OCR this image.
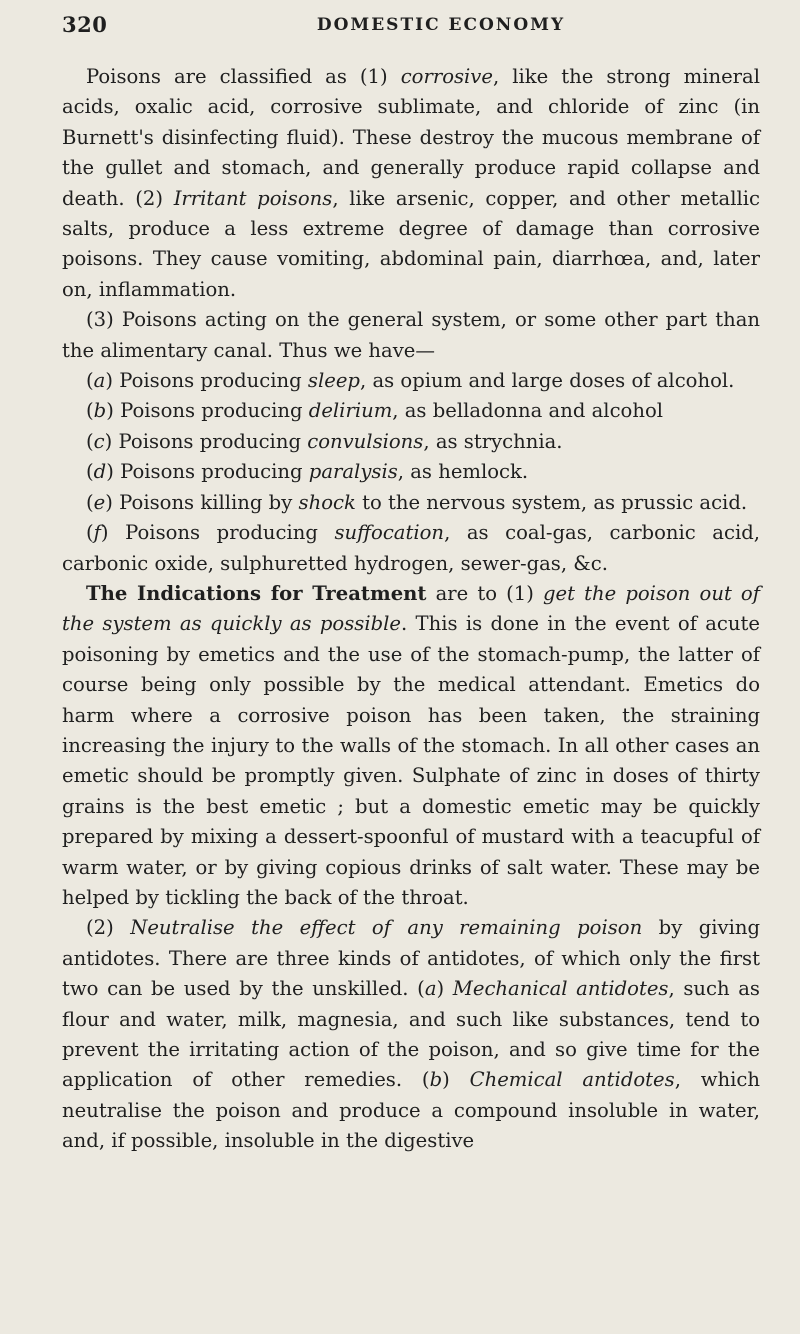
320	DOMESTIC ECONOMY

Poisons are classified as (1) corrosive, like the strong mineral acids, oxalic acid, corrosive sublimate, and chloride of zinc (in Burnett's disinfecting fluid). These destroy the mucous membrane of the gullet and stomach, and generally produce rapid collapse and death. (2) Irritant poisons, like arsenic, copper, and other metallic salts, produce a less extreme degree of damage than corrosive poisons. They cause vomiting, abdominal pain, diarrhœa, and, later on, inflammation.

(3) Poisons acting on the general system, or some other part than the alimentary canal. Thus we have—

(a) Poisons producing sleep, as opium and large doses of alcohol.

(b) Poisons producing delirium, as belladonna and alcohol

(c) Poisons producing convulsions, as strychnia.

(d) Poisons producing paralysis, as hemlock.

(e) Poisons killing by shock to the nervous system, as prussic acid.

(f) Poisons producing suffocation, as coal-gas, carbonic acid, carbonic oxide, sulphuretted hydrogen, sewer-gas, &c.

The Indications for Treatment are to (1) get the poison out of the system as quickly as possible. This is done in the event of acute poisoning by emetics and the use of the stomach-pump, the latter of course being only possible by the medical attendant. Emetics do harm where a corrosive poison has been taken, the straining increasing the injury to the walls of the stomach. In all other cases an emetic should be promptly given. Sulphate of zinc in doses of thirty grains is the best emetic ; but a domestic emetic may be quickly prepared by mixing a dessert-spoonful of mustard with a teacupful of warm water, or by giving copious drinks of salt water. These may be helped by tickling the back of the throat.

(2) Neutralise the effect of any remaining poison by giving antidotes. There are three kinds of antidotes, of which only the first two can be used by the unskilled. (a) Mechanical antidotes, such as flour and water, milk, magnesia, and such like substances, tend to prevent the irritating action of the poison, and so give time for the application of other remedies. (b) Chemical antidotes, which neutralise the poison and produce a compound insoluble in water, and, if possible, insoluble in the digestive
